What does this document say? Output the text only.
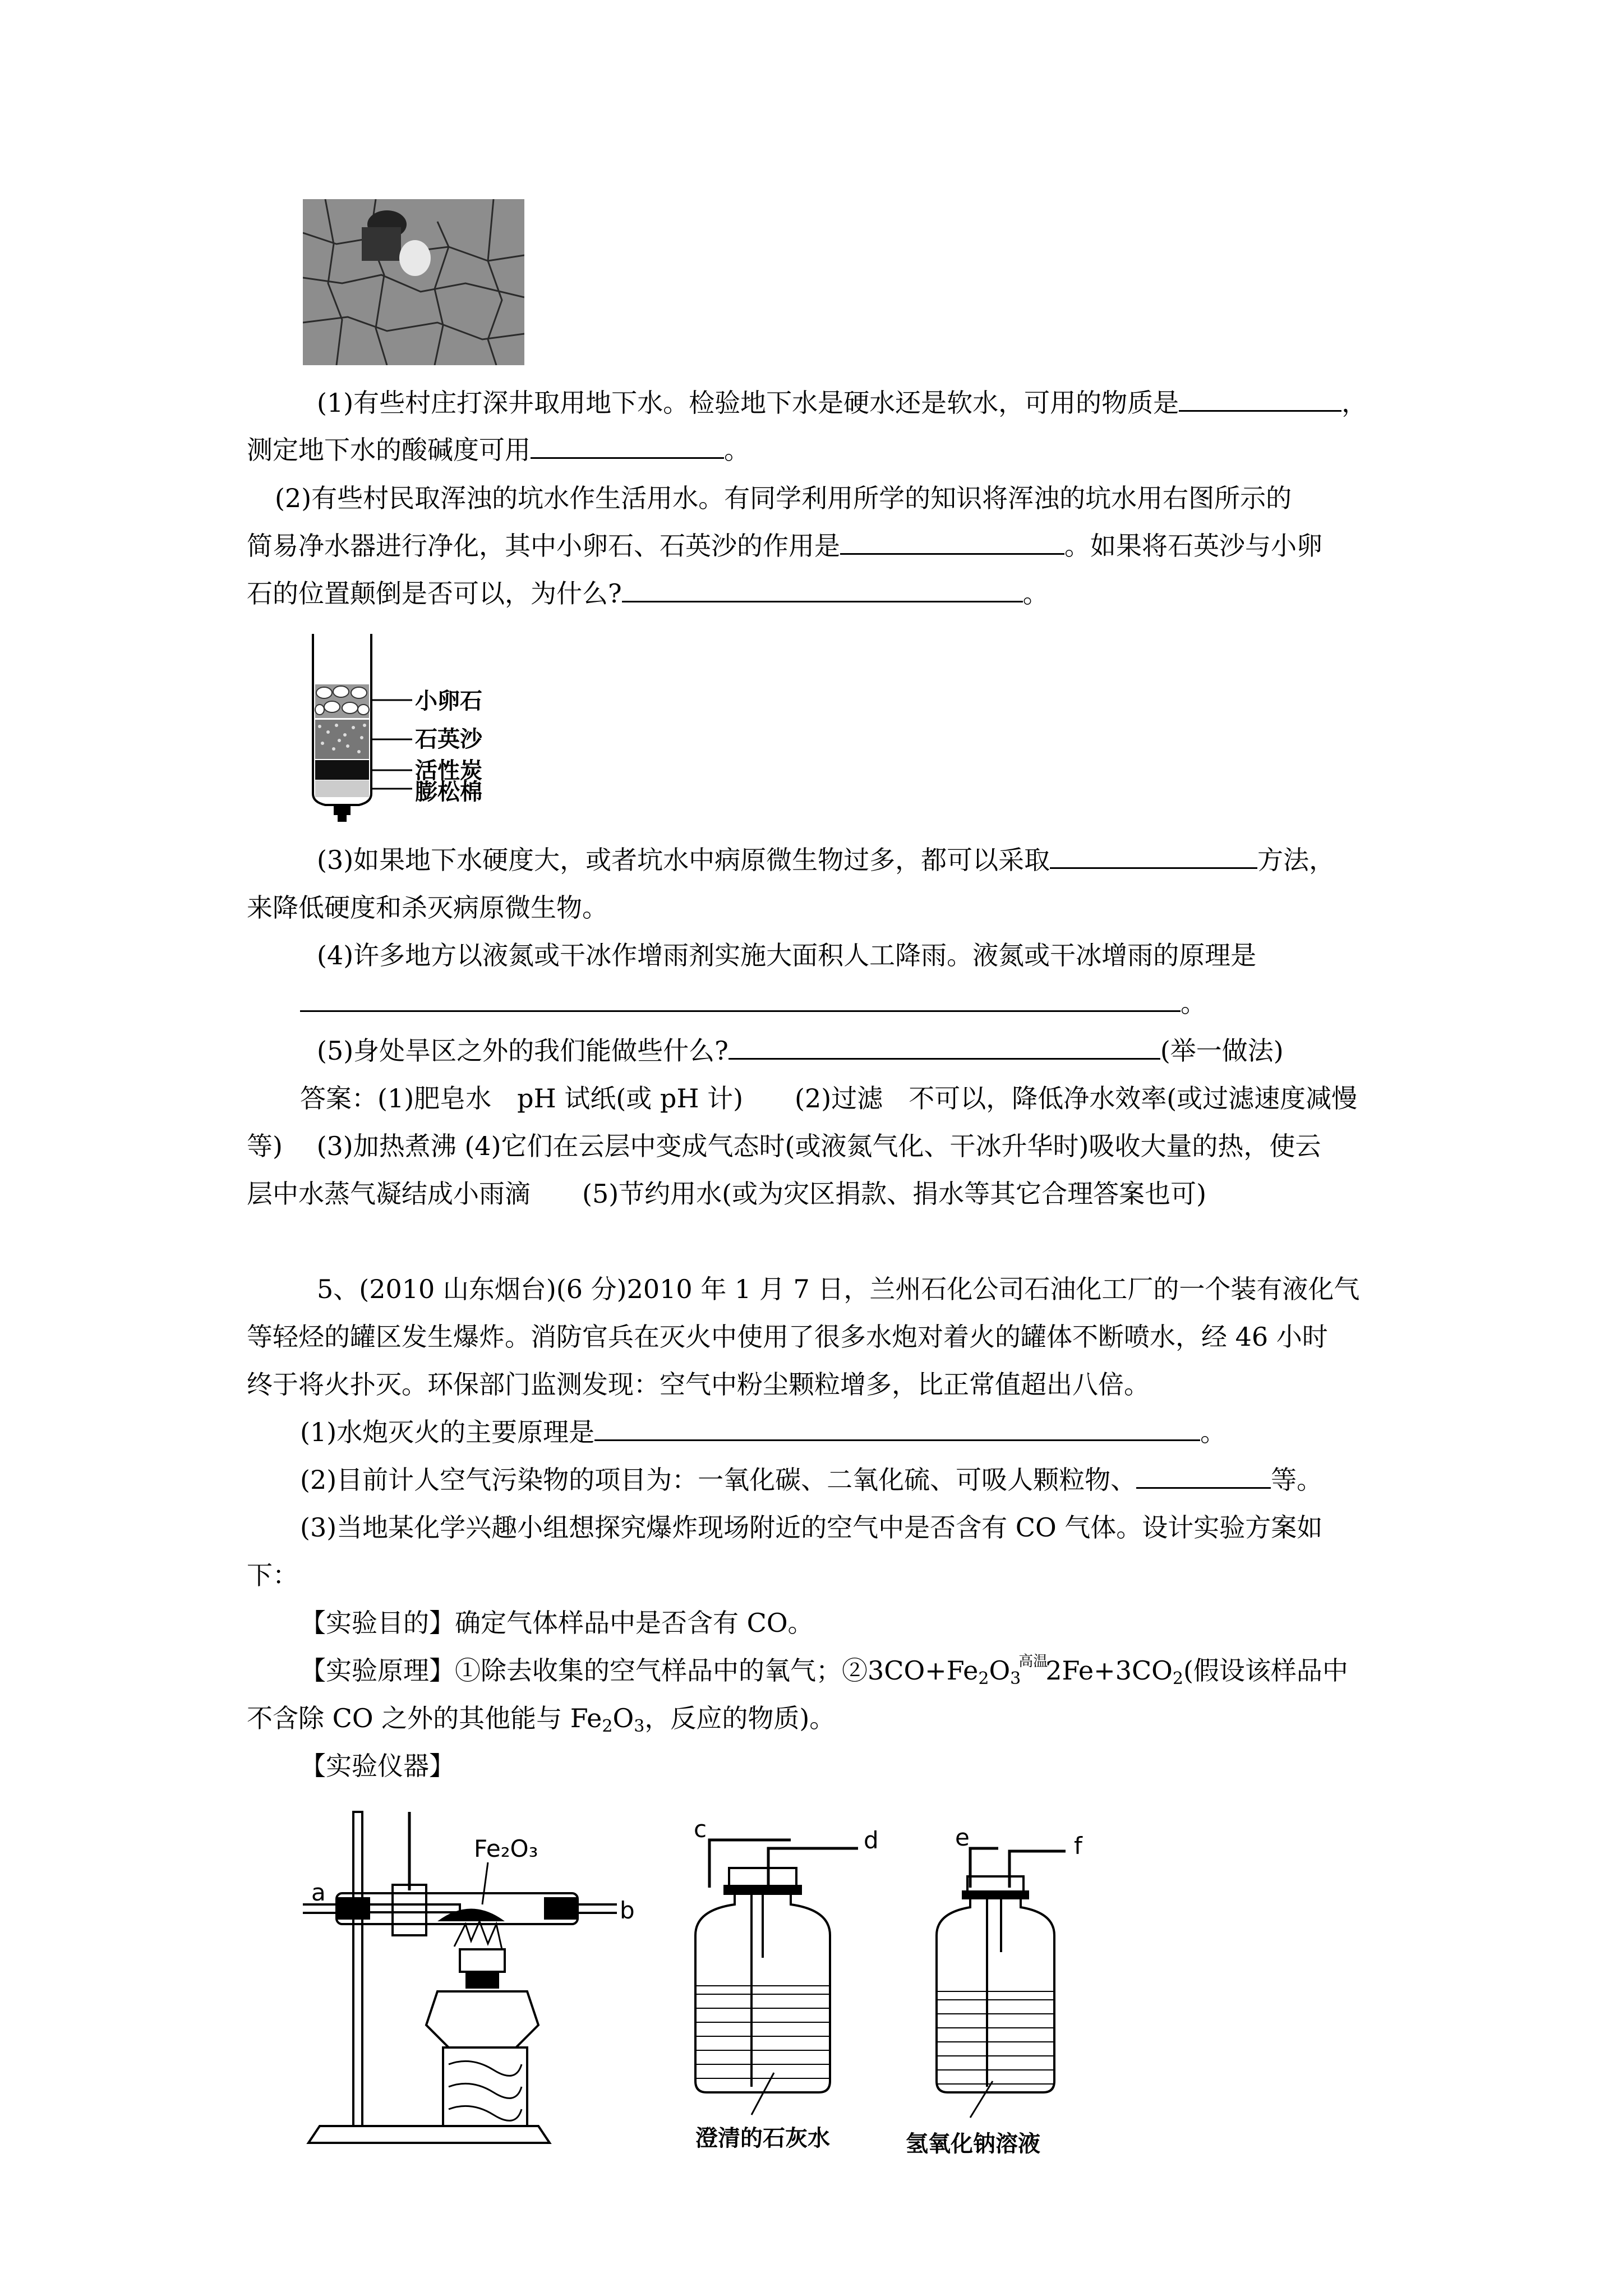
(1)有些村庄打深井取用地下水。检验地下水是硬水还是软水，可用的物质是	，
测定地下水的酸碱度可用	。
(2)有些村民取浑浊的坑水作生活用水。有同学利用所学的知识将浑浊的坑水用右图所示的
简易净水器进行净化，其中小卵石、石英沙的作用是	。如果将石英沙与小卵
石的位置颠倒是否可以，为什么?	。
小卵石
石英沙
活性炭
膨松棉
(3)如果地下水硬度大，或者坑水中病原微生物过多，都可以采取	方法，
来降低硬度和杀灭病原微生物。
(4)许多地方以液氮或干冰作增雨剂实施大面积人工降雨。液氮或干冰增雨的原理是
。
(5)身处旱区之外的我们能做些什么?	(举一做法)
答案：(1)肥皂水　pH 试纸(或 pH 计)　　(2)过滤　不可以，降低净水效率(或过滤速度减慢
等)　 (3)加热煮沸 (4)它们在云层中变成气态时(或液氮气化、干冰升华时)吸收大量的热，使云
层中水蒸气凝结成小雨滴　　(5)节约用水(或为灾区捐款、捐水等其它合理答案也可)
5、(2010 山东烟台)(6 分)2010 年 1 月 7 日，兰州石化公司石油化工厂的一个装有液化气
等轻烃的罐区发生爆炸。消防官兵在灭火中使用了很多水炮对着火的罐体不断喷水，经 46 小时
终于将火扑灭。环保部门监测发现：空气中粉尘颗粒增多，比正常值超出八倍。
(1)水炮灭火的主要原理是	。
(2)目前计人空气污染物的项目为：一氧化碳、二氧化硫、可吸人颗粒物、	等。
(3)当地某化学兴趣小组想探究爆炸现场附近的空气中是否含有 CO 气体。设计实验方案如
下：
【实验目的】确定气体样品中是否含有 CO。
【实验原理】①除去收集的空气样品中的氧气；$②3CO+Fe_2O_3^{高温}2Fe+3CO_2$(假设该样品中
不含除 CO 之外的其他能与 $Fe_2O_3$，反应的物质)。
【实验仪器】
Fe₂O₃
a
b
c	d
澄清的石灰水
e	f
氢氧化钠溶液
